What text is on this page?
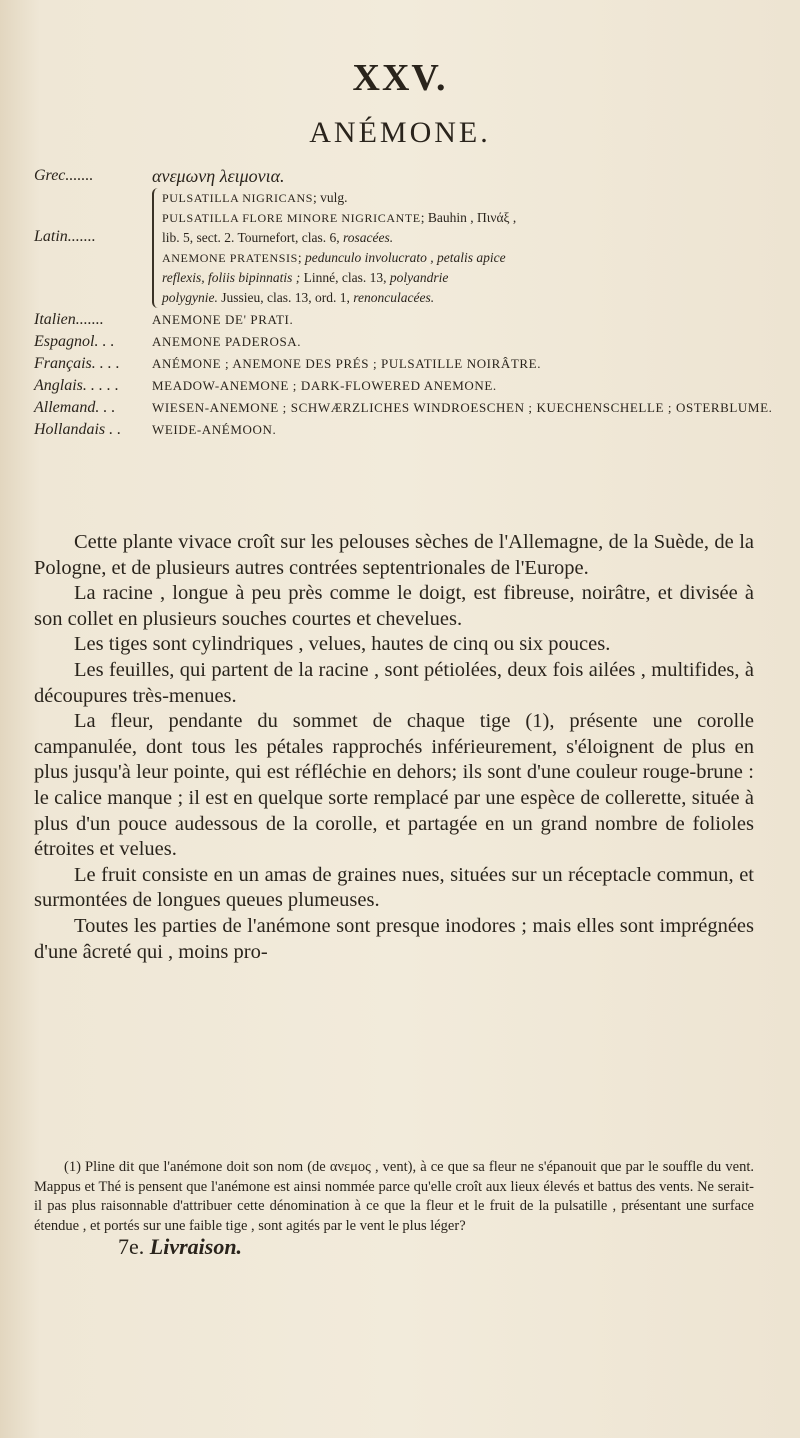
XXV.
ANÉMONE.
Grec.......	ανεμωνη λειμονια.
Latin.......
PULSATILLA NIGRICANS; vulg.
PULSATILLA FLORE MINORE NIGRICANTE; Bauhin , Πινάξ ,
lib. 5, sect. 2. Tournefort, clas. 6, rosacées.
ANEMONE PRATENSIS; pedunculo involucrato , petalis apice
reflexis, foliis bipinnatis ; Linné, clas. 13, polyandrie
polygynie. Jussieu, clas. 13, ord. 1, renonculacées.
Italien.......	ANEMONE DE' PRATI.
Espagnol. . .	ANEMONE PADEROSA.
Français. . . .	ANÉMONE ; ANEMONE DES PRÉS ; PULSATILLE NOIRÂTRE.
Anglais. . . . .	MEADOW-ANEMONE ; DARK-FLOWERED ANEMONE.
Allemand. . .	WIESEN-ANEMONE ; SCHWÆRZLICHES WINDROESCHEN ; KUECHENSCHELLE ; OSTERBLUME.
Hollandais . .	WEIDE-ANÉMOON.

Cette plante vivace croît sur les pelouses sèches de l'Allemagne, de la Suède, de la Pologne, et de plusieurs autres contrées septentrionales de l'Europe.

La racine , longue à peu près comme le doigt, est fibreuse, noirâtre, et divisée à son collet en plusieurs souches courtes et chevelues.

Les tiges sont cylindriques , velues, hautes de cinq ou six pouces.

Les feuilles, qui partent de la racine , sont pétiolées, deux fois ailées , multifides, à découpures très-menues.

La fleur, pendante du sommet de chaque tige (1), présente une corolle campanulée, dont tous les pétales rapprochés inférieurement, s'éloignent de plus en plus jusqu'à leur pointe, qui est réfléchie en dehors; ils sont d'une couleur rouge-brune : le calice manque ; il est en quelque sorte remplacé par une espèce de collerette, située à plus d'un pouce audessous de la corolle, et partagée en un grand nombre de folioles étroites et velues.

Le fruit consiste en un amas de graines nues, situées sur un réceptacle commun, et surmontées de longues queues plumeuses.

Toutes les parties de l'anémone sont presque inodores ; mais elles sont imprégnées d'une âcreté qui , moins pro-

(1) Pline dit que l'anémone doit son nom (de ανεμος , vent), à ce que sa fleur ne s'épanouit que par le souffle du vent. Mappus et Thé is pensent que l'anémone est ainsi nommée parce qu'elle croît aux lieux élevés et battus des vents. Ne serait-il pas plus raisonnable d'attribuer cette dénomination à ce que la fleur et le fruit de la pulsatille , présentant une surface étendue , et portés sur une faible tige , sont agités par le vent le plus léger?
7e. Livraison.
